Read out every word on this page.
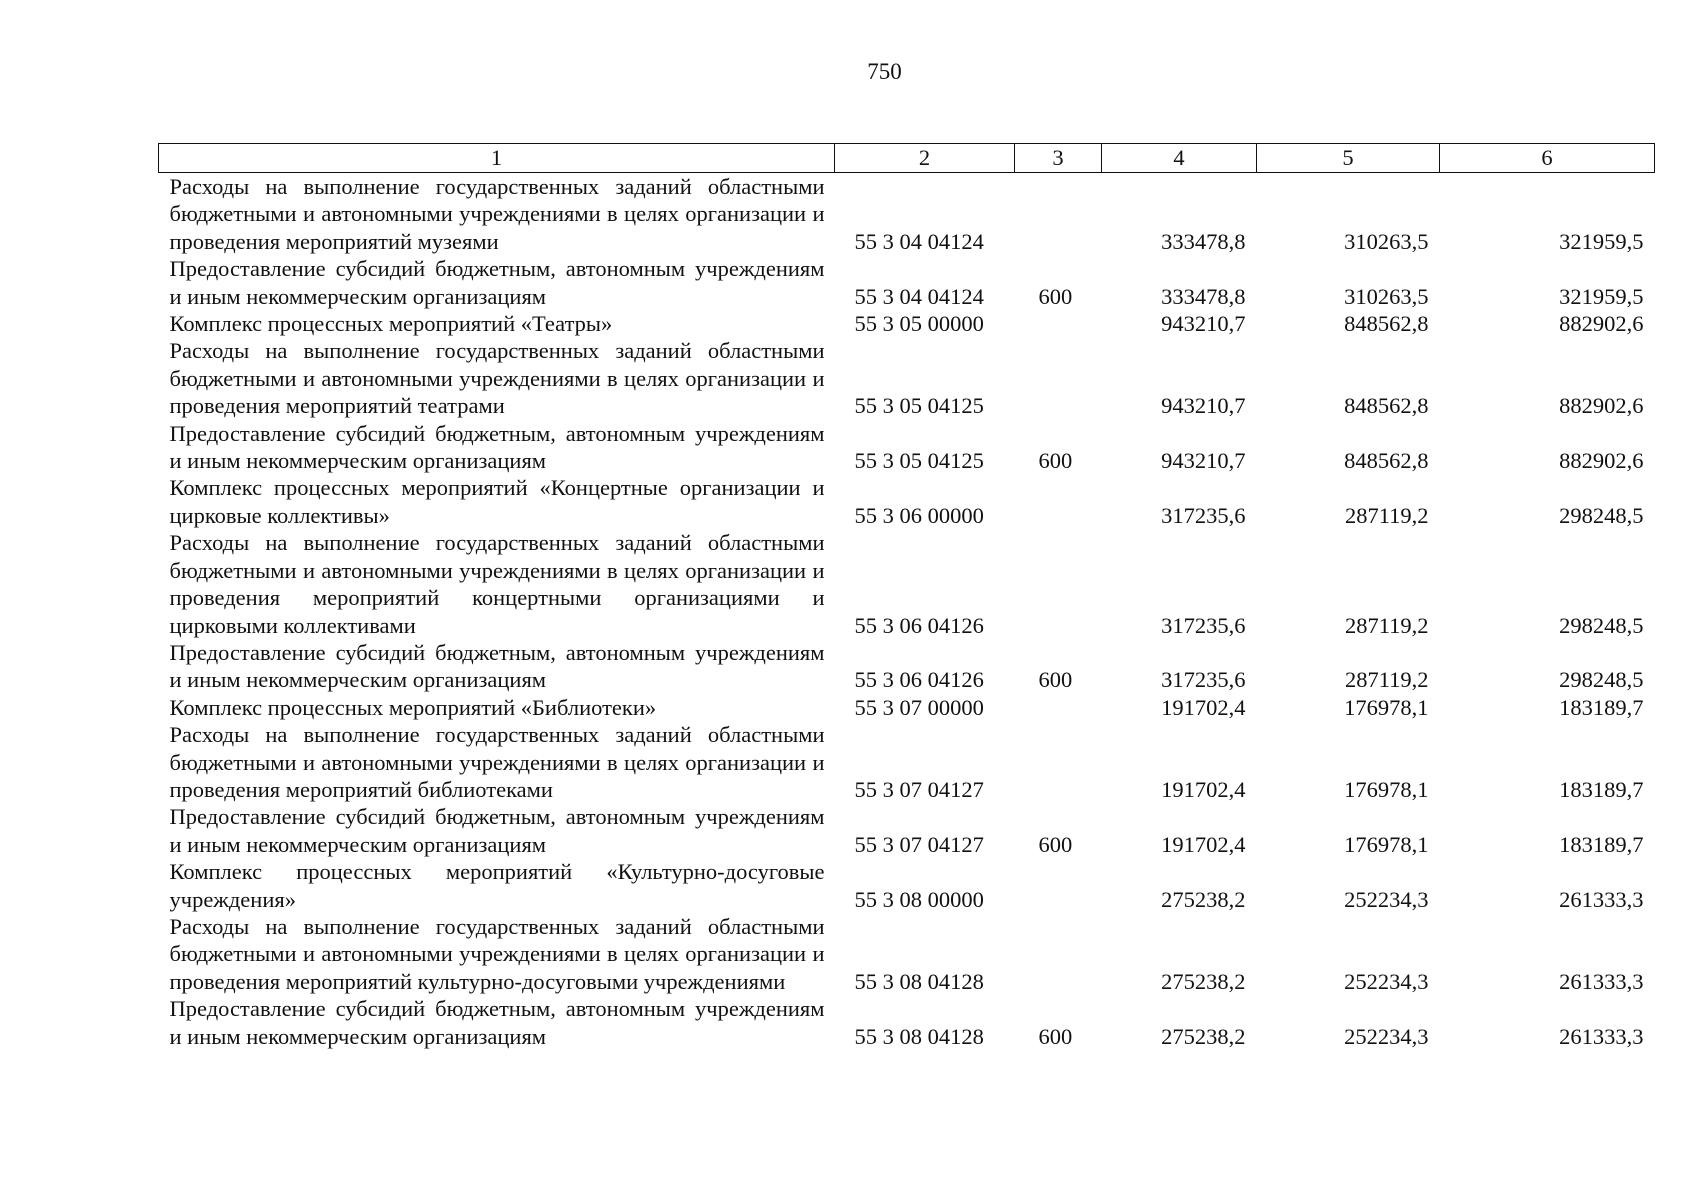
750
1	2	3	4	5	6
Расходы на выполнение государственных заданий областными бюджетными и автономными учреждениями в целях организации и проведения мероприятий музеями	55 3 04 04124		333478,8	310263,5	321959,5
Предоставление субсидий бюджетным, автономным учреждениям и иным некоммерческим организациям	55 3 04 04124	600	333478,8	310263,5	321959,5
Комплекс процессных мероприятий «Театры»	55 3 05 00000		943210,7	848562,8	882902,6
Расходы на выполнение государственных заданий областными бюджетными и автономными учреждениями в целях организации и проведения мероприятий театрами	55 3 05 04125		943210,7	848562,8	882902,6
Предоставление субсидий бюджетным, автономным учреждениям и иным некоммерческим организациям	55 3 05 04125	600	943210,7	848562,8	882902,6
Комплекс процессных мероприятий «Концертные организации и цирковые коллективы»	55 3 06 00000		317235,6	287119,2	298248,5
Расходы на выполнение государственных заданий областными бюджетными и автономными учреждениями в целях организации и проведения мероприятий концертными организациями и цирковыми коллективами	55 3 06 04126		317235,6	287119,2	298248,5
Предоставление субсидий бюджетным, автономным учреждениям и иным некоммерческим организациям	55 3 06 04126	600	317235,6	287119,2	298248,5
Комплекс процессных мероприятий «Библиотеки»	55 3 07 00000		191702,4	176978,1	183189,7
Расходы на выполнение государственных заданий областными бюджетными и автономными учреждениями в целях организации и проведения мероприятий библиотеками	55 3 07 04127		191702,4	176978,1	183189,7
Предоставление субсидий бюджетным, автономным учреждениям и иным некоммерческим организациям	55 3 07 04127	600	191702,4	176978,1	183189,7
Комплекс процессных мероприятий «Культурно-досуговые учреждения»	55 3 08 00000		275238,2	252234,3	261333,3
Расходы на выполнение государственных заданий областными бюджетными и автономными учреждениями в целях организации и проведения мероприятий культурно-досуговыми учреждениями	55 3 08 04128		275238,2	252234,3	261333,3
Предоставление субсидий бюджетным, автономным учреждениям и иным некоммерческим организациям	55 3 08 04128	600	275238,2	252234,3	261333,3
